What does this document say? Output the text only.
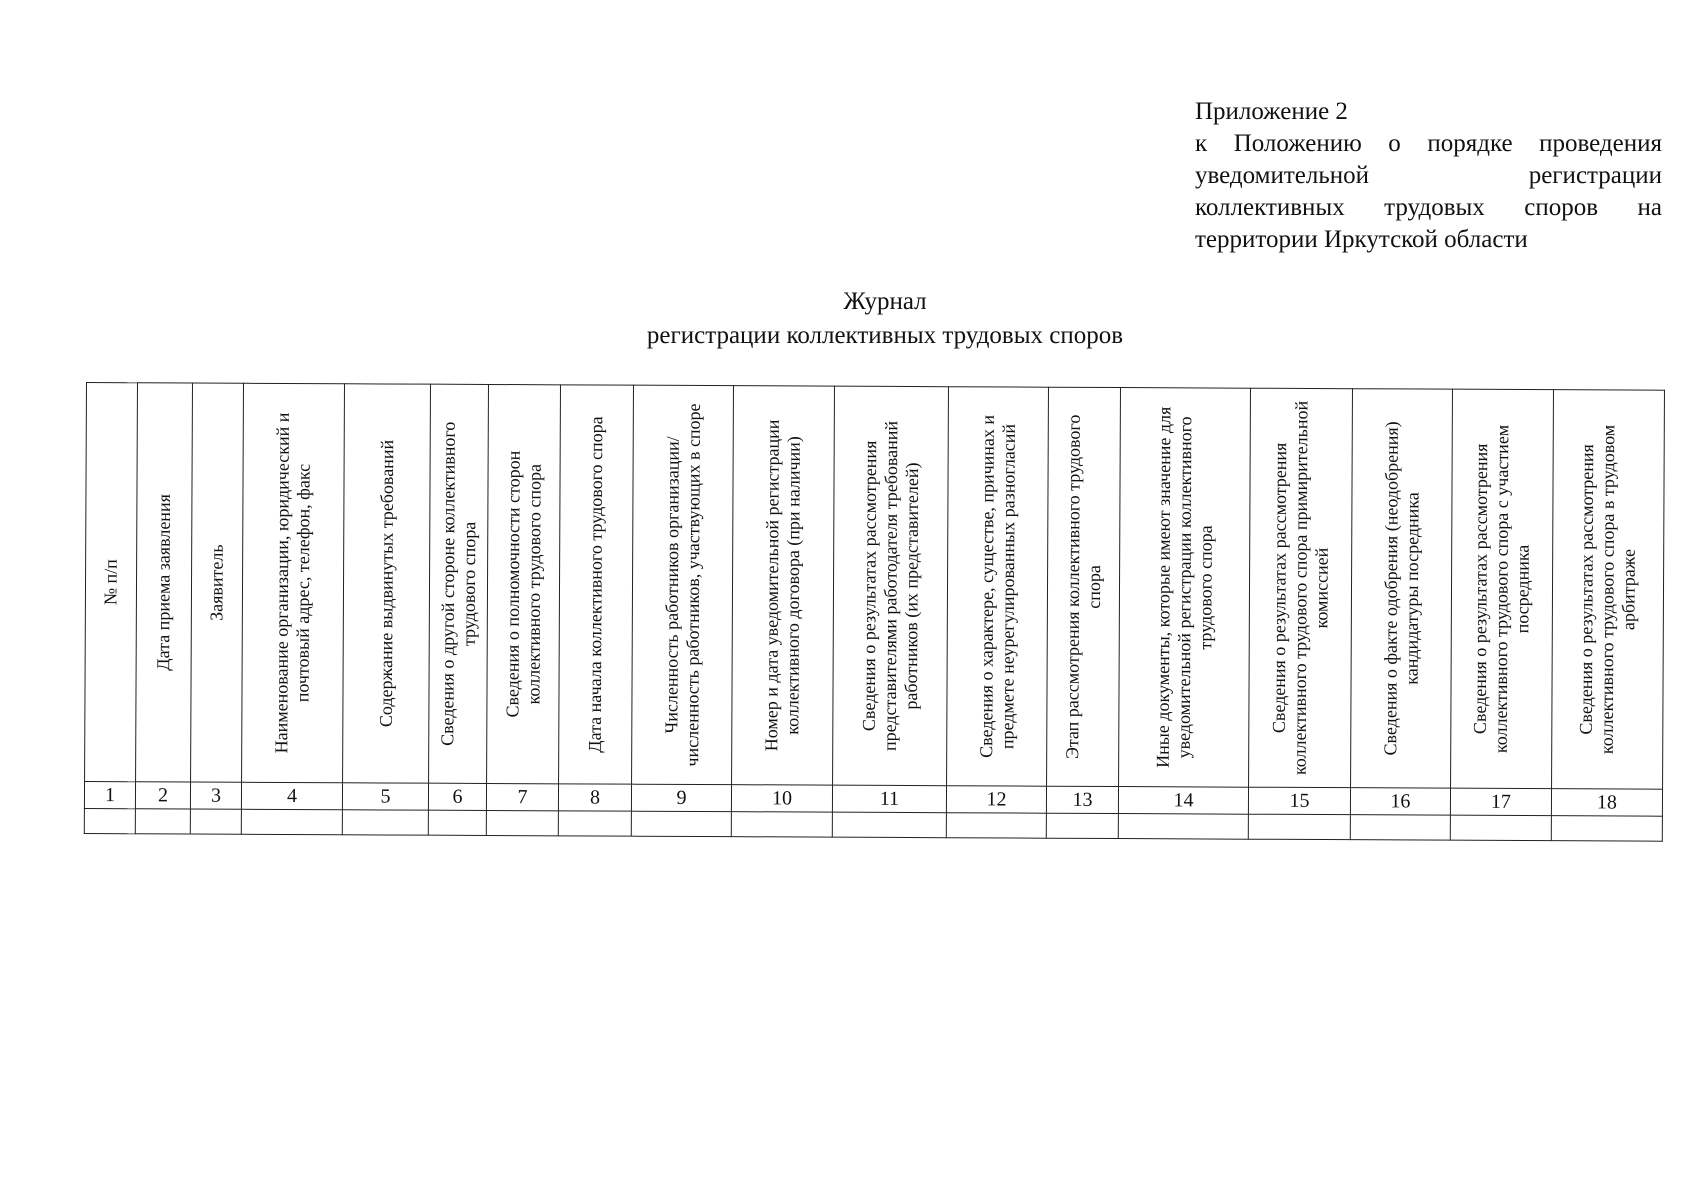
Приложение 2
к Положению о порядке проведения
уведомительной регистрации
коллективных трудовых споров на
территории Иркутской области
Журнал
регистрации коллективных трудовых споров
№ п/п	Дата приема заявления	Заявитель	Наименование организации, юридический и почтовый адрес, телефон, факс	Содержание выдвинутых требований	Сведения о другой стороне коллективного трудового спора	Сведения о полномочности сторон коллективного трудового спора	Дата начала коллективного трудового спора	Численность работников организации/ численность работников, участвующих в споре	Номер и дата уведомительной регистрации коллективного договора (при наличии)	Сведения о результатах рассмотрения представителями работодателя требований работников (их представителей)	Сведения о характере, существе, причинах и предмете неурегулированных разногласий	Этап рассмотрения коллективного трудового спора	Иные документы, которые имеют значение для уведомительной регистрации коллективного трудового спора	Сведения о результатах рассмотрения коллективного трудового спора примирительной комиссией	Сведения о факте одобрения (неодобрения) кандидатуры посредника	Сведения о результатах рассмотрения коллективного трудового спора с участием посредника	Сведения о результатах рассмотрения коллективного трудового спора в трудовом арбитраже

1	2	3	4	5	6	7	8	9	10	11	12	13	14	15	16	17	18
